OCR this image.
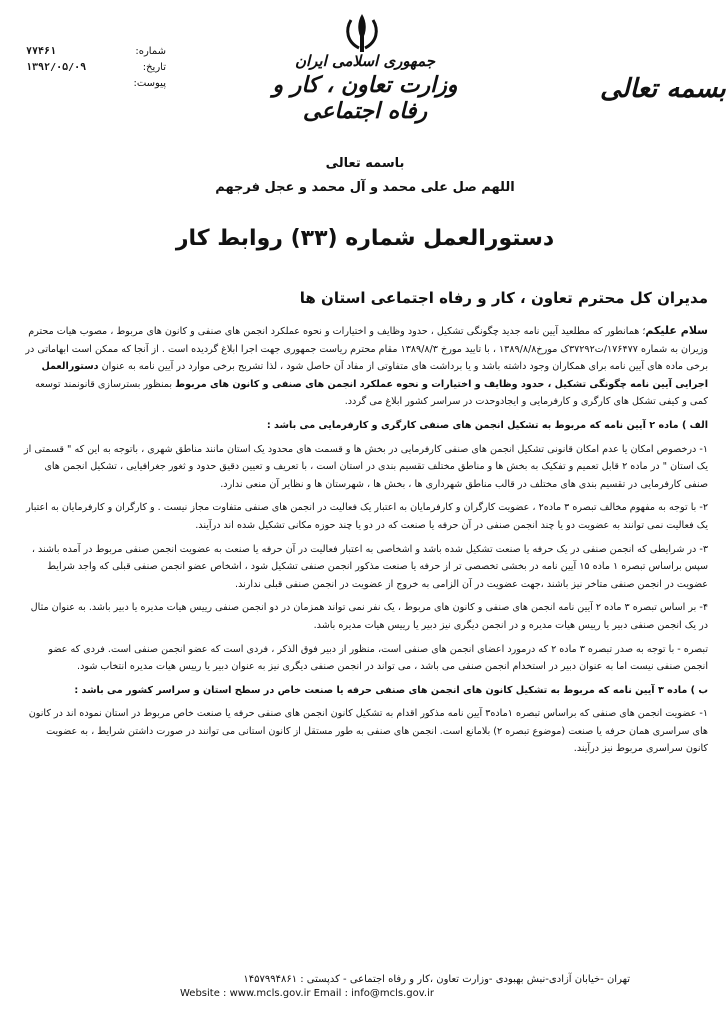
جمهوری اسلامی ایران
وزارت تعاون ، کار و رفاه اجتماعی
بسمه تعالی
شماره:
۷۷۴۶۱
تاریخ:
۱۳۹۲/۰۵/۰۹
پیوست:
باسمه تعالی
اللهم صل علی محمد و آل محمد و عجل فرجهم
دستورالعمل شماره (۳۳) روابط کار
مدیران کل محترم تعاون ، کار و رفاه اجتماعی استان ها

سلام علیکم؛ همانطور که مطلعید آیین نامه جدید چگونگی تشکیل ، حدود وظایف و اختیارات و نحوه عملکرد انجمن های صنفی و کانون های مربوط ، مصوب هیات محترم وزیران به شماره ۱۷۶۴۷۷/ت۳۷۲۹۲ک مورخ۱۳۸۹/۸/۸ ، با تایید مورخ ۱۳۸۹/۸/۳ مقام محترم ریاست جمهوری جهت اجرا ابلاغ گردیده است . از آنجا که ممکن است ابهاماتی در برخی ماده های آیین نامه برای همکاران وجود داشته باشد و یا برداشت های متفاوتی از مفاد آن حاصل شود ، لذا تشریح برخی موارد در آیین نامه به عنوان دستورالعمل اجرایی آیین نامه چگونگی تشکیل ، حدود وظایف و اختیارات و نحوه عملکرد انجمن های صنفی و کانون های مربوط بمنظور بسترسازی قانونمند توسعه کمی و کیفی تشکل های کارگری و کارفرمایی و ایجادوحدت در سراسر کشور ابلاغ می گردد.

الف ) ماده ۲ آیین نامه که مربوط به تشکیل انجمن های صنفی کارگری و کارفرمایی می باشد :

۱- درخصوص امکان یا عدم امکان قانونی تشکیل انجمن های صنفی کارفرمایی در بخش ها و قسمت های محدود یک استان مانند مناطق شهری ، باتوجه به این که " قسمتی از یک استان " در ماده ۲ قابل تعمیم و تفکیک به بخش ها و مناطق مختلف تقسیم بندی در استان است ، با تعریف و تعیین دقیق حدود و ثغور جغرافیایی ، تشکیل انجمن های صنفی کارفرمایی در تقسیم بندی های مختلف در قالب مناطق شهرداری ها ، بخش ها ، شهرستان ها و نظایر آن منعی ندارد.

۲- با توجه به مفهوم مخالف تبصره ۳ ماده۲ ، عضویت کارگران و کارفرمایان به اعتبار یک فعالیت در انجمن های صنفی متفاوت مجاز نیست . و کارگران و کارفرمایان به اعتبار یک فعالیت نمی توانند به عضویت دو یا چند انجمن صنفی در آن حرفه یا صنعت که در دو یا چند حوزه مکانی تشکیل شده اند درآیند.

۳- در شرایطی که انجمن صنفی در یک حرفه یا صنعت تشکیل شده باشد و اشخاصی به اعتبار فعالیت در آن حرفه یا صنعت به عضویت انجمن صنفی مربوط در آمده باشند ، سپس براساس تبصره ۱ ماده ۱۵ آیین نامه در بخشی تخصصی تر از حرفه یا صنعت مذکور انجمن صنفی تشکیل شود ، اشخاص عضو انجمن صنفی قبلی که واجد شرایط عضویت در انجمن صنفی متاخر نیز باشند ،جهت عضویت در آن الزامی به خروج از عضویت در انجمن صنفی قبلی ندارند.

۴- بر اساس تبصره ۳ ماده ۲ آیین نامه انجمن های صنفی و کانون های مربوط ، یک نفر نمی تواند همزمان در دو انجمن صنفی رییس هیات مدیره یا دبیر باشد. به عنوان مثال در یک انجمن صنفی دبیر یا رییس هیات مدیره و در انجمن دیگری نیز دبیر یا رییس هیات مدیره باشد.

تبصره - با توجه به صدر تبصره ۳ ماده ۲ که درمورد اعضای انجمن های صنفی است، منظور از دبیر فوق الذکر ، فردی است که عضو انجمن صنفی است. فردی که عضو انجمن صنفی نیست اما به عنوان دبیر در استخدام انجمن صنفی می باشد ، می تواند در انجمن صنفی دیگری نیز به عنوان دبیر یا رییس هیات مدیره انتخاب شود.

ب ) ماده ۳ آیین نامه که مربوط به تشکیل کانون های انجمن های صنفی حرفه یا صنعت خاص در سطح استان و سراسر کشور می باشد :

۱- عضویت انجمن های صنفی که براساس تبصره ۱ماده۳ آیین نامه مذکور اقدام به تشکیل کانون انجمن های صنفی حرفه یا صنعت خاص مربوط در استان نموده اند در کانون های سراسری همان حرفه یا صنعت (موضوع تبصره ۲) بلامانع است. انجمن های صنفی به طور مستقل از کانون استانی می توانند در صورت داشتن شرایط ، به عضویت کانون سراسری مربوط نیز درآیند.

تهران -خیابان آزادی-نبش بهبودی -وزارت تعاون ،کار و رفاه اجتماعی - کدپستی : ۱۴۵۷۹۹۴۸۶۱
Website : www.mcls.gov.ir Email : info@mcls.gov.ir
